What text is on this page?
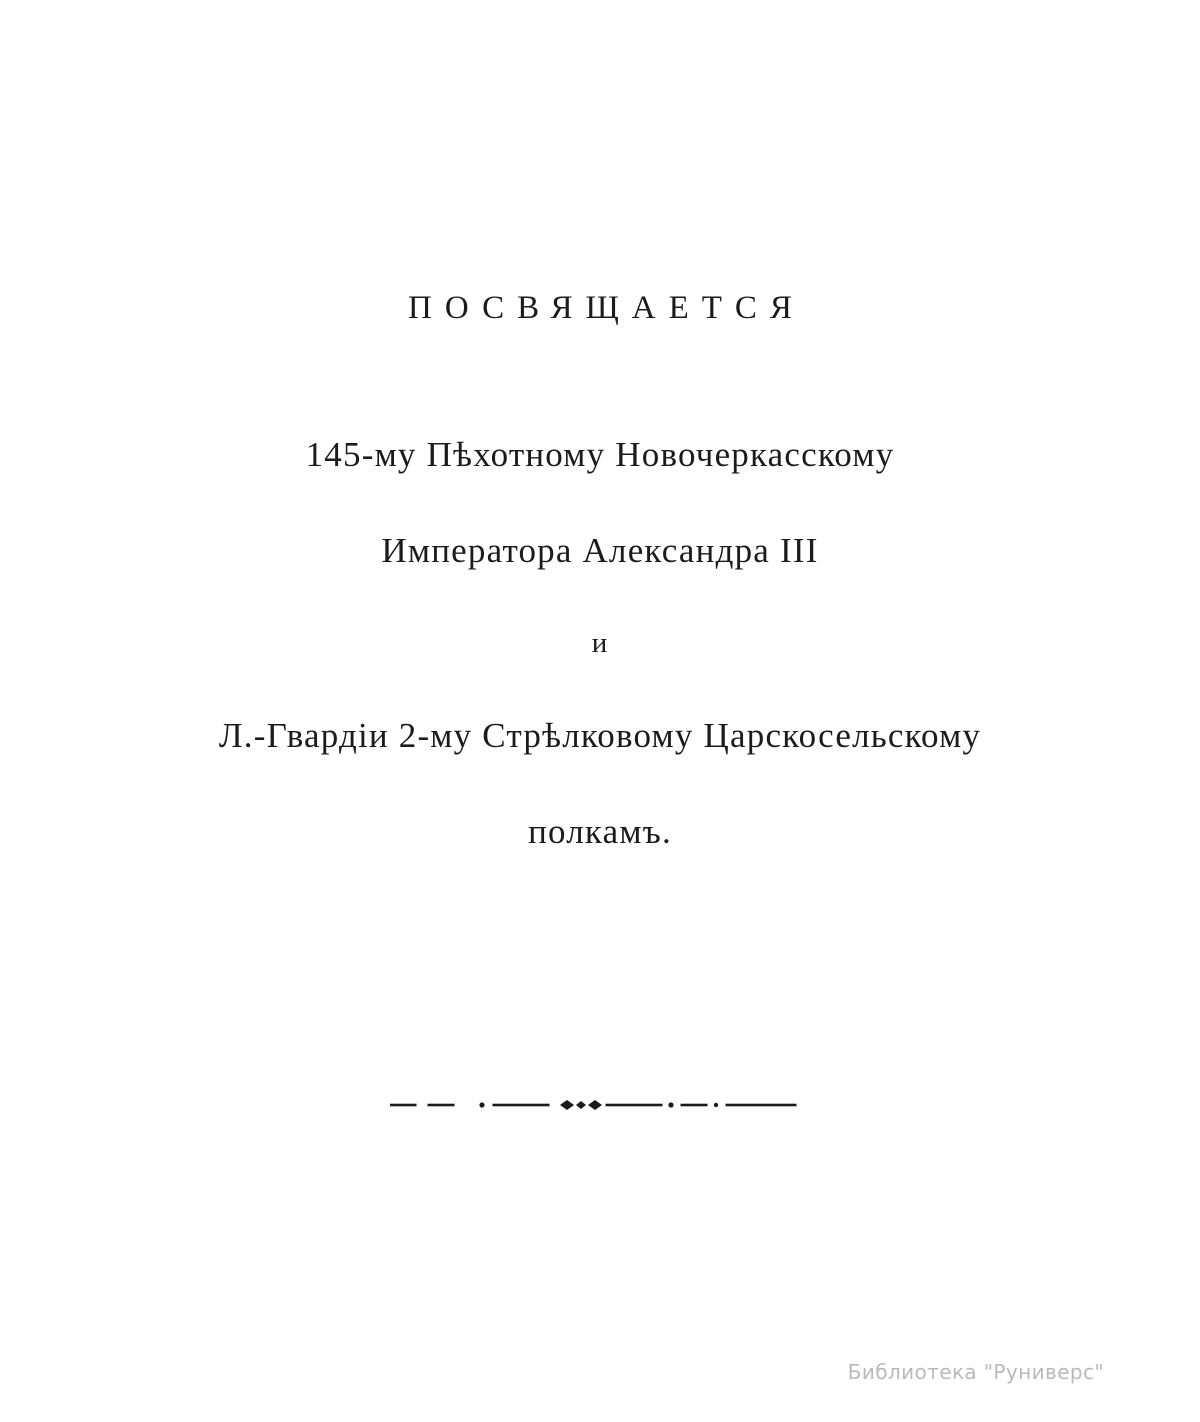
ПОСВЯЩАЕТСЯ
145-му Пѣхотному Новочеркасскому
Императора Александра III
и
Л.-Гвардіи 2-му Стрѣлковому Царскосельскому
полкамъ.
Библиотека "Руниверс"
